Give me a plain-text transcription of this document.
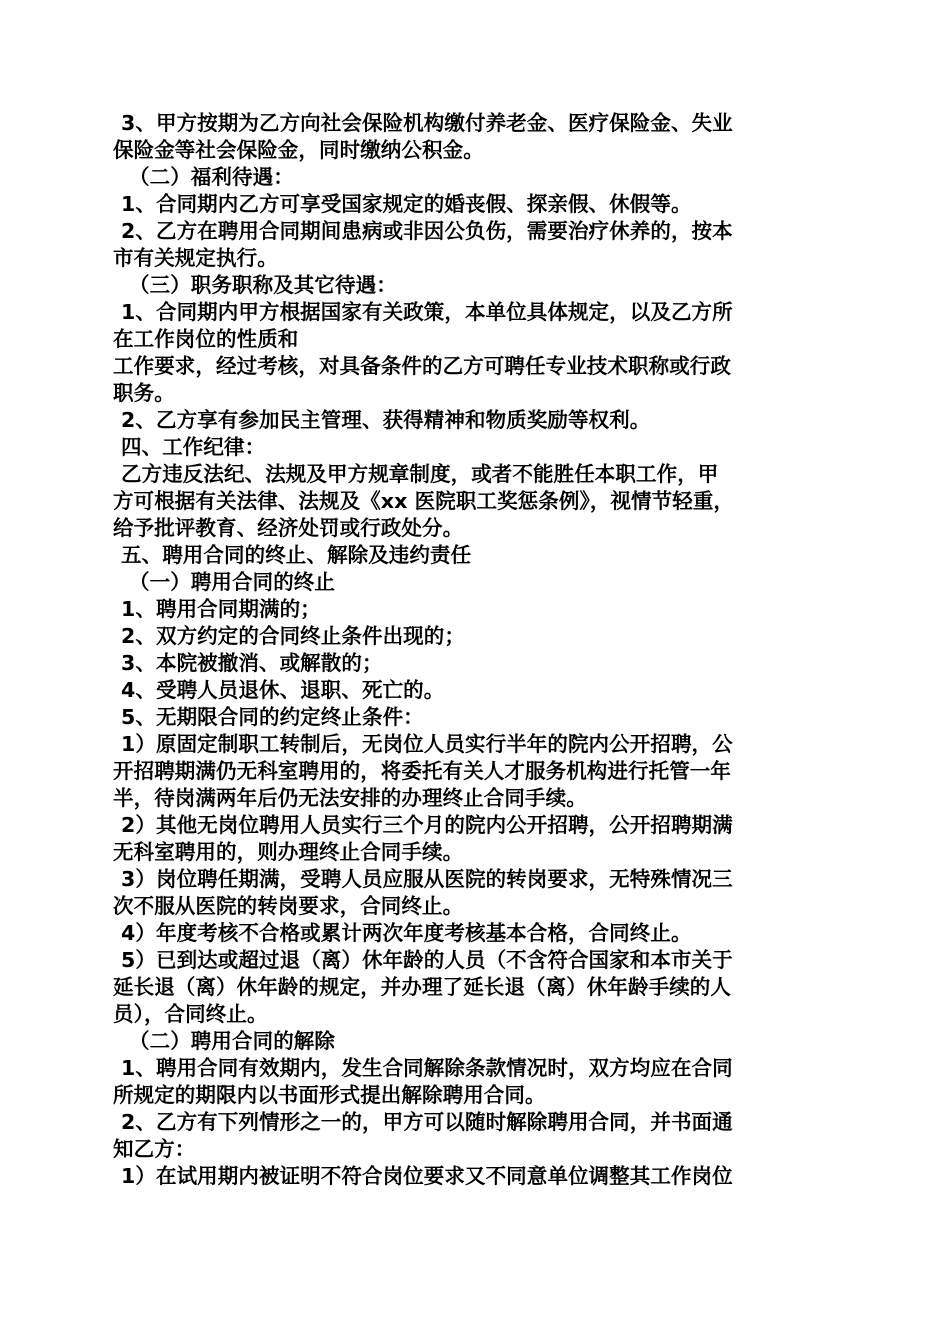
3、甲方按期为乙方向社会保险机构缴付养老金、医疗保险金、失业

保险金等社会保险金，同时缴纳公积金。

（二）福利待遇：

1、合同期内乙方可享受国家规定的婚丧假、探亲假、休假等。

2、乙方在聘用合同期间患病或非因公负伤，需要治疗休养的，按本

市有关规定执行。

（三）职务职称及其它待遇：

1、合同期内甲方根据国家有关政策，本单位具体规定，以及乙方所

在工作岗位的性质和

工作要求，经过考核，对具备条件的乙方可聘任专业技术职称或行政

职务。

2、乙方享有参加民主管理、获得精神和物质奖励等权利。

四、工作纪律：

乙方违反法纪、法规及甲方规章制度，或者不能胜任本职工作，甲

方可根据有关法律、法规及《xx 医院职工奖惩条例》，视情节轻重，

给予批评教育、经济处罚或行政处分。

五、聘用合同的终止、解除及违约责任

（一）聘用合同的终止

1、聘用合同期满的；

2、双方约定的合同终止条件出现的；

3、本院被撤消、或解散的；

4、受聘人员退休、退职、死亡的。

5、无期限合同的约定终止条件：

1）原固定制职工转制后，无岗位人员实行半年的院内公开招聘，公

开招聘期满仍无科室聘用的，将委托有关人才服务机构进行托管一年

半，待岗满两年后仍无法安排的办理终止合同手续。

2）其他无岗位聘用人员实行三个月的院内公开招聘，公开招聘期满

无科室聘用的，则办理终止合同手续。

3）岗位聘任期满，受聘人员应服从医院的转岗要求，无特殊情况三

次不服从医院的转岗要求，合同终止。

4）年度考核不合格或累计两次年度考核基本合格，合同终止。

5）已到达或超过退（离）休年龄的人员（不含符合国家和本市关于

延长退（离）休年龄的规定，并办理了延长退（离）休年龄手续的人

员），合同终止。

（二）聘用合同的解除

1、聘用合同有效期内，发生合同解除条款情况时，双方均应在合同

所规定的期限内以书面形式提出解除聘用合同。

2、乙方有下列情形之一的，甲方可以随时解除聘用合同，并书面通

知乙方：

1）在试用期内被证明不符合岗位要求又不同意单位调整其工作岗位
